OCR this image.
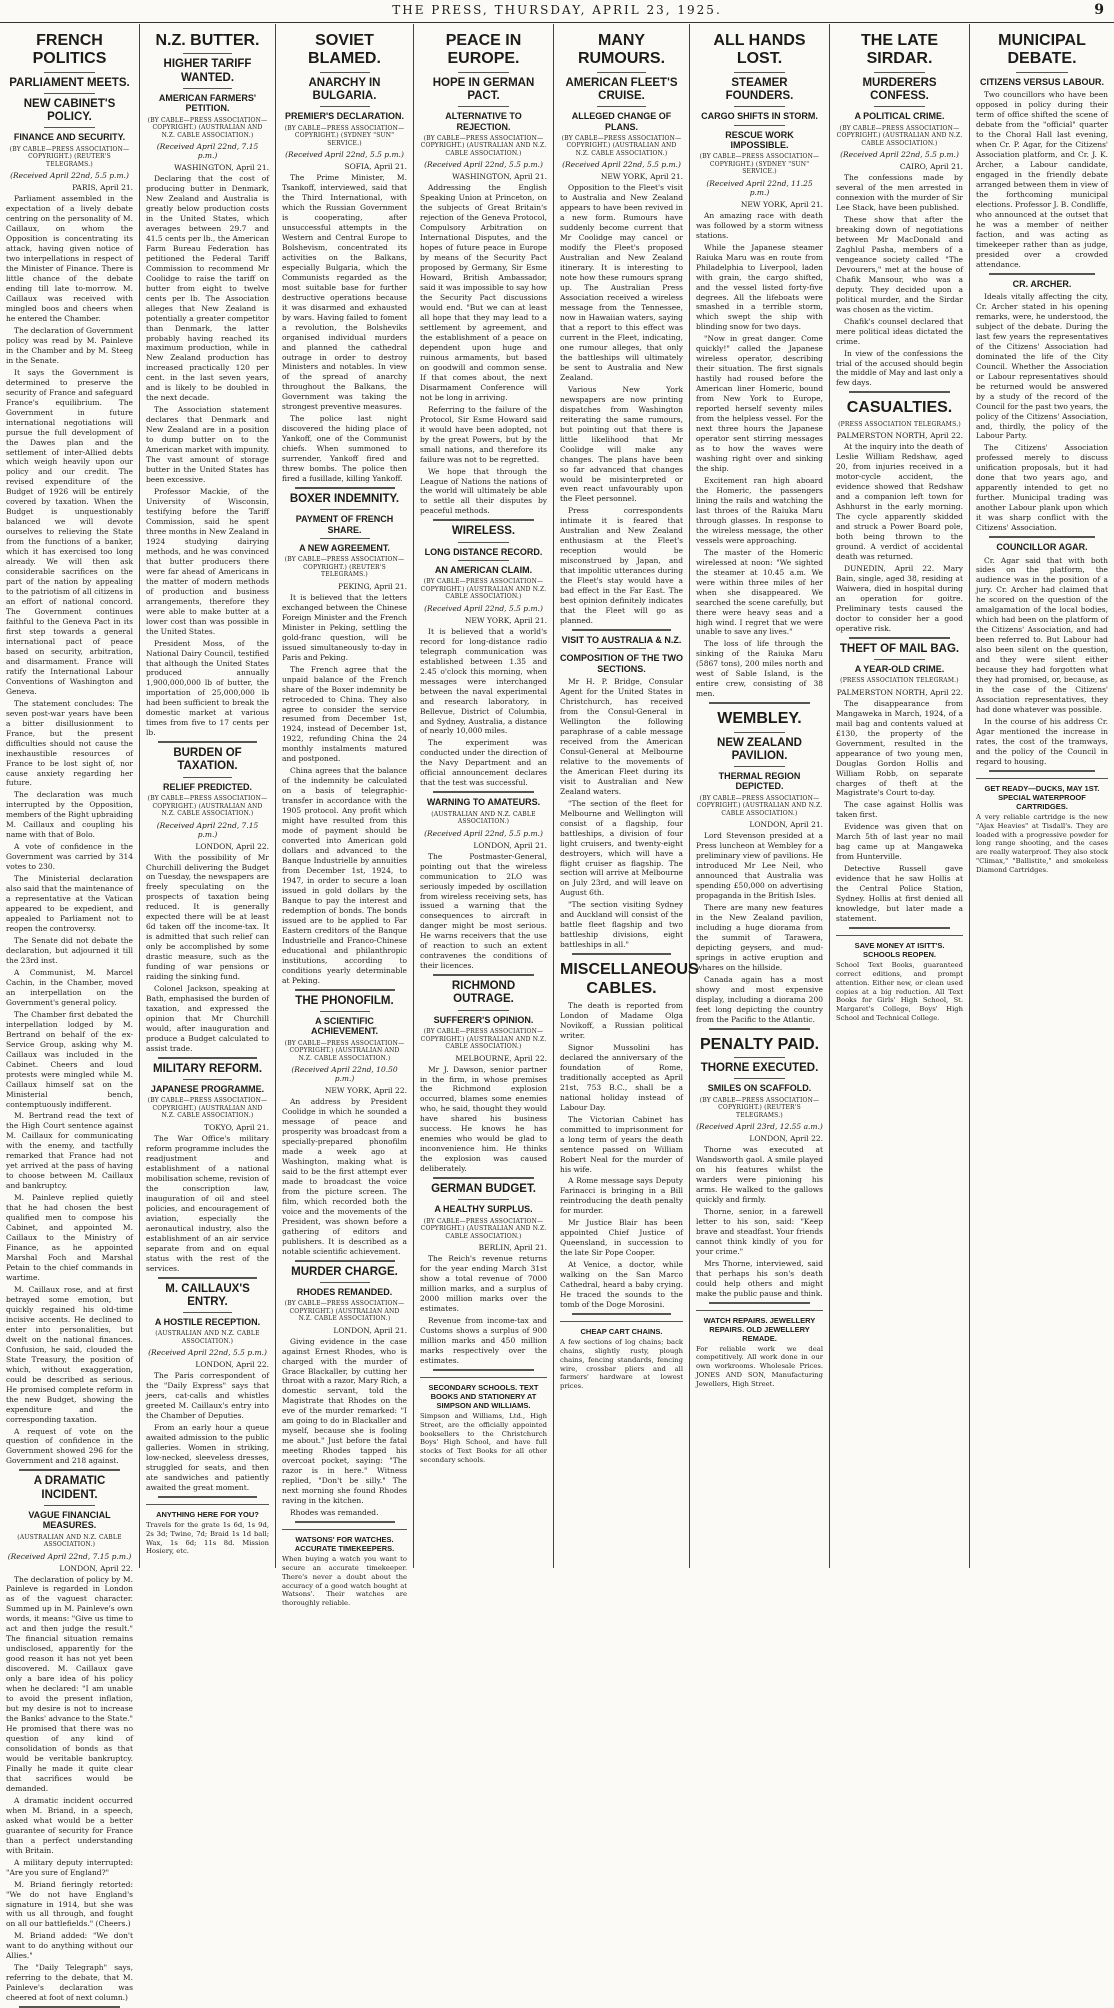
THE PRESS, THURSDAY, APRIL 23, 1925.	9
FRENCH POLITICS
PARLIAMENT MEETS.
NEW CABINET'S POLICY.
FINANCE AND SECURITY.
(BY CABLE—PRESS ASSOCIATION—COPYRIGHT.) (REUTER'S TELEGRAMS.)
(Received April 22nd, 5.5 p.m.)
PARIS, April 21.

Parliament assembled in the expectation of a lively debate centring on the personality of M. Caillaux, on whom the Opposition is concentrating its attack, having given notice of two interpellations in respect of the Minister of Finance. There is little chance of the debate ending till late to-morrow. M. Caillaux was received with mingled boos and cheers when he entered the Chamber.

The declaration of Government policy was read by M. Painleve in the Chamber and by M. Steeg in the Senate.

It says the Government is determined to preserve the security of France and safeguard France's equilibrium. The Government in future international negotiations will pursue the full development of the Dawes plan and the settlement of inter-Allied debts which weigh heavily upon our policy and our credit. The revised expenditure of the Budget of 1926 will be entirely covered by taxation. When the Budget is unquestionably balanced we will devote ourselves to relieving the State from the functions of a banker, which it has exercised too long already. We will then ask considerable sacrifices on the part of the nation by appealing to the patriotism of all citizens in an effort of national concord. The Government continues faithful to the Geneva Pact in its first step towards a general international pact of peace based on security, arbitration, and disarmament. France will ratify the International Labour Conventions of Washington and Geneva.

The statement concludes: The seven post-war years have been a bitter disillusionment to France, but the present difficulties should not cause the inexhaustible resources of France to be lost sight of, nor cause anxiety regarding her future.

The declaration was much interrupted by the Opposition, members of the Right upbraiding M. Caillaux and coupling his name with that of Bolo.

A vote of confidence in the Government was carried by 314 votes to 230.

The Ministerial declaration also said that the maintenance of a representative at the Vatican appeared to be expedient, and appealed to Parliament not to reopen the controversy.

The Senate did not debate the declaration, but adjourned it till the 23rd inst.

A Communist, M. Marcel Cachin, in the Chamber, moved an interpellation on the Government's general policy.

The Chamber first debated the interpellation lodged by M. Bertrand on behalf of the ex-Service Group, asking why M. Caillaux was included in the Cabinet. Cheers and loud protests were mingled while M. Caillaux himself sat on the Ministerial bench, contemptuously indifferent.

M. Bertrand read the text of the High Court sentence against M. Caillaux for communicating with the enemy, and tactfully remarked that France had not yet arrived at the pass of having to choose between M. Caillaux and bankruptcy.

M. Painleve replied quietly that he had chosen the best qualified men to compose his Cabinet, and appointed M. Caillaux to the Ministry of Finance, as he appointed Marshal Foch and Marshal Petain to the chief commands in wartime.

M. Caillaux rose, and at first betrayed some emotion, but quickly regained his old-time incisive accents. He declined to enter into personalities, but dwelt on the national finances. Confusion, he said, clouded the State Treasury, the position of which, without exaggeration, could be described as serious. He promised complete reform in the new Budget, showing the expenditure and the corresponding taxation.

A request of vote on the question of confidence in the Government showed 296 for the Government and 218 against.

A DRAMATIC INCIDENT.
VAGUE FINANCIAL MEASURES.
(AUSTRALIAN AND N.Z. CABLE ASSOCIATION.)
(Received April 22nd, 7.15 p.m.)
LONDON, April 22.

The declaration of policy by M. Painleve is regarded in London as of the vaguest character. Summed up in M. Painleve's own words, it means: "Give us time to act and then judge the result." The financial situation remains undisclosed, apparently for the good reason it has not yet been discovered. M. Caillaux gave only a bare idea of his policy when he declared: "I am unable to avoid the present inflation, but my desire is not to increase the Banks' advance to the State." He promised that there was no question of any kind of consolidation of bonds as that would be veritable bankruptcy. Finally he made it quite clear that sacrifices would be demanded.

A dramatic incident occurred when M. Briand, in a speech, asked what would be a better guarantee of security for France than a perfect understanding with Britain.

A military deputy interrupted: "Are you sure of England?"

M. Briand fieringly retorted: "We do not have England's signature in 1914, but she was with us all through, and fought on all our battlefields." (Cheers.)

M. Briand added: "We don't want to do anything without our Allies."

The "Daily Telegraph" says, referring to the debate, that M. Painleve's declaration was cheered at foot of next column.)

N.Z. BUTTER.
HIGHER TARIFF WANTED.
AMERICAN FARMERS' PETITION.
(BY CABLE—PRESS ASSOCIATION—COPYRIGHT.) (AUSTRALIAN AND N.Z. CABLE ASSOCIATION.)
(Received April 22nd, 7.15 p.m.)
WASHINGTON, April 21.

Declaring that the cost of producing butter in Denmark, New Zealand and Australia is greatly below production costs in the United States, which averages between 29.7 and 41.5 cents per lb., the American Farm Bureau Federation has petitioned the Federal Tariff Commission to recommend Mr Coolidge to raise the tariff on butter from eight to twelve cents per lb. The Association alleges that New Zealand is potentially a greater competitor than Denmark, the latter probably having reached its maximum production, while in New Zealand production has increased practically 120 per cent. in the last seven years, and is likely to be doubled in the next decade.

The Association statement declares that Denmark and New Zealand are in a position to dump butter on to the American market with impunity. The vast amount of storage butter in the United States has been excessive.

Professor Mackie, of the University of Wisconsin, testifying before the Tariff Commission, said he spent three months in New Zealand in 1924 studying dairying methods, and he was convinced that butter producers there were far ahead of Americans in the matter of modern methods of production and business arrangements, therefore they were able to make butter at a lower cost than was possible in the United States.

President Moss, of the National Dairy Council, testified that although the United States produced annually 1,900,000,000 lb of butter, the importation of 25,000,000 lb had been sufficient to break the domestic market at various times from five to 17 cents per lb.

BURDEN OF TAXATION.
RELIEF PREDICTED.
(BY CABLE—PRESS ASSOCIATION—COPYRIGHT.) (AUSTRALIAN AND N.Z. CABLE ASSOCIATION.)
(Received April 22nd, 7.15 p.m.)
LONDON, April 22.

With the possibility of Mr Churchill delivering the Budget on Tuesday, the newspapers are freely speculating on the prospects of taxation being reduced. It is generally expected there will be at least 6d taken off the income-tax. It is admitted that such relief can only be accomplished by some drastic measure, such as the funding of war pensions or raiding the sinking fund.

Colonel Jackson, speaking at Bath, emphasised the burden of taxation, and expressed the opinion that Mr Churchill would, after inauguration and produce a Budget calculated to assist trade.

MILITARY REFORM.
JAPANESE PROGRAMME.
(BY CABLE—PRESS ASSOCIATION—COPYRIGHT.) (AUSTRALIAN AND N.Z. CABLE ASSOCIATION.)
TOKYO, April 21.

The War Office's military reform programme includes the readjustment and establishment of a national mobilisation scheme, revision of the conscription law, inauguration of oil and steel policies, and encouragement of aviation, especially the aeronautical industry, also the establishment of an air service separate from and on equal status with the rest of the services.

M. CAILLAUX'S ENTRY.
A HOSTILE RECEPTION.
(AUSTRALIAN AND N.Z. CABLE ASSOCIATION.)
(Received April 22nd, 5.5 p.m.)
LONDON, April 22.

The Paris correspondent of the "Daily Express" says that jeers, cat-calls and whistles greeted M. Caillaux's entry into the Chamber of Deputies.

From an early hour a queue awaited admission to the public galleries. Women in striking, low-necked, sleeveless dresses, struggled for seats, and then ate sandwiches and patiently awaited the great moment.

ANYTHING HERE FOR YOU?
Travels for the grate 1s 6d, 1s 9d, 2s 3d; Twine, 7d; Braid 1s 1d ball; Wax, 1s 6d; 11s 8d. Mission Hosiery, etc.
SOVIET BLAMED.
ANARCHY IN BULGARIA.
PREMIER'S DECLARATION.
(BY CABLE—PRESS ASSOCIATION—COPYRIGHT.) (SYDNEY "SUN" SERVICE.)
(Received April 22nd, 5.5 p.m.)
SOFIA, April 21.

The Prime Minister, M. Tsankoff, interviewed, said that the Third International, with which the Russian Government is cooperating, after unsuccessful attempts in the Western and Central Europe to Bolshevism, concentrated its activities on the Balkans, especially Bulgaria, which the Communists regarded as the most suitable base for further destructive operations because it was disarmed and exhausted by wars. Having failed to foment a revolution, the Bolsheviks organised individual murders and planned the cathedral outrage in order to destroy Ministers and notables. In view of the spread of anarchy throughout the Balkans, the Government was taking the strongest preventive measures.

The police last night discovered the hiding place of Yankoff, one of the Communist chiefs. When summoned to surrender, Yankoff fired and threw bombs. The police then fired a fusillade, killing Yankoff.

BOXER INDEMNITY.
PAYMENT OF FRENCH SHARE.
A NEW AGREEMENT.
(BY CABLE—PRESS ASSOCIATION—COPYRIGHT.) (REUTER'S TELEGRAMS.)
PEKING, April 21.

It is believed that the letters exchanged between the Chinese Foreign Minister and the French Minister in Peking, settling the gold-franc question, will be issued simultaneously to-day in Paris and Peking.

The French agree that the unpaid balance of the French share of the Boxer indemnity be retroceded to China. They also agree to consider the service resumed from December 1st, 1924, instead of December 1st, 1922, refunding China the 24 monthly instalments matured and postponed.

China agrees that the balance of the indemnity be calculated on a basis of telegraphic-transfer in accordance with the 1905 protocol. Any profit which might have resulted from this mode of payment should be converted into American gold dollars and advanced to the Banque Industrielle by annuities from December 1st, 1924, to 1947, in order to secure a loan issued in gold dollars by the Banque to pay the interest and redemption of bonds. The bonds issued are to be applied to Far Eastern creditors of the Banque Industrielle and Franco-Chinese educational and philanthropic institutions, according to conditions yearly determinable at Peking.

THE PHONOFILM.
A SCIENTIFIC ACHIEVEMENT.
(BY CABLE—PRESS ASSOCIATION—COPYRIGHT.) (AUSTRALIAN AND N.Z. CABLE ASSOCIATION.)
(Received April 22nd, 10.50 p.m.)
NEW YORK, April 22.

An address by President Coolidge in which he sounded a message of peace and prosperity was broadcast from a specially-prepared phonofilm made a week ago at Washington, making what is said to be the first attempt ever made to broadcast the voice from the picture screen. The film, which recorded both the voice and the movements of the President, was shown before a gathering of editors and publishers. It is described as a notable scientific achievement.

MURDER CHARGE.
RHODES REMANDED.
(BY CABLE—PRESS ASSOCIATION—COPYRIGHT.) (AUSTRALIAN AND N.Z. CABLE ASSOCIATION.)
LONDON, April 21.

Giving evidence in the case against Ernest Rhodes, who is charged with the murder of Grace Blackaller, by cutting her throat with a razor, Mary Rich, a domestic servant, told the Magistrate that Rhodes on the eve of the murder remarked: "I am going to do in Blackaller and myself, because she is fooling me about." Just before the fatal meeting Rhodes tapped his overcoat pocket, saying: "The razor is in here." Witness replied, "Don't be silly." The next morning she found Rhodes raving in the kitchen.

Rhodes was remanded.

WATSONS' FOR WATCHES. ACCURATE TIMEKEEPERS.
When buying a watch you want to secure an accurate timekeeper. There's never a doubt about the accuracy of a good watch bought at Watsons'. Their watches are thoroughly reliable.
PEACE IN EUROPE.
HOPE IN GERMAN PACT.
ALTERNATIVE TO REJECTION.
(BY CABLE—PRESS ASSOCIATION—COPYRIGHT.) (AUSTRALIAN AND N.Z. CABLE ASSOCIATION.)
(Received April 22nd, 5.5 p.m.)
WASHINGTON, April 21.

Addressing the English Speaking Union at Princeton, on the subjects of Great Britain's rejection of the Geneva Protocol, Compulsory Arbitration on International Disputes, and the hopes of future peace in Europe by means of the Security Pact proposed by Germany, Sir Esme Howard, British Ambassador, said it was impossible to say how the Security Pact discussions would end. "But we can at least all hope that they may lead to a settlement by agreement, and the establishment of a peace on dependent upon huge and ruinous armaments, but based on goodwill and common sense. If that comes about, the next Disarmament Conference will not be long in arriving.

Referring to the failure of the Protocol, Sir Esme Howard said it would have been adopted, not by the great Powers, but by the small nations, and therefore its failure was not to be regretted.

We hope that through the League of Nations the nations of the world will ultimately be able to settle all their disputes by peaceful methods.

WIRELESS.
LONG DISTANCE RECORD.
AN AMERICAN CLAIM.
(BY CABLE—PRESS ASSOCIATION—COPYRIGHT.) (AUSTRALIAN AND N.Z. CABLE ASSOCIATION.)
(Received April 22nd, 5.5 p.m.)
NEW YORK, April 21.

It is believed that a world's record for long-distance radio telegraph communication was established between 1.35 and 2.45 o'clock this morning, when messages were interchanged between the naval experimental and research laboratory, in Bellevue, District of Columbia, and Sydney, Australia, a distance of nearly 10,000 miles.

The experiment was conducted under the direction of the Navy Department and an official announcement declares that the test was successful.

WARNING TO AMATEURS.
(AUSTRALIAN AND N.Z. CABLE ASSOCIATION.)
(Received April 22nd, 5.5 p.m.)
LONDON, April 21.

The Postmaster-General, pointing out that the wireless communication to 2LO was seriously impeded by oscillation from wireless receiving sets, has issued a warning that the consequences to aircraft in danger might be most serious. He warns receivers that the use of reaction to such an extent contravenes the conditions of their licences.

RICHMOND OUTRAGE.
SUFFERER'S OPINION.
(BY CABLE—PRESS ASSOCIATION—COPYRIGHT.) (AUSTRALIAN AND N.Z. CABLE ASSOCIATION.)
MELBOURNE, April 22.

Mr J. Dawson, senior partner in the firm, in whose premises the Richmond explosion occurred, blames some enemies who, he said, thought they would have shared his business success. He knows he has enemies who would be glad to inconvenience him. He thinks the explosion was caused deliberately.

GERMAN BUDGET.
A HEALTHY SURPLUS.
(BY CABLE—PRESS ASSOCIATION—COPYRIGHT.) (AUSTRALIAN AND N.Z. CABLE ASSOCIATION.)
BERLIN, April 21.

The Reich's revenue returns for the year ending March 31st show a total revenue of 7000 million marks, and a surplus of 2000 million marks over the estimates.

Revenue from income-tax and Customs shows a surplus of 900 million marks and 450 million marks respectively over the estimates.

SECONDARY SCHOOLS. TEXT BOOKS AND STATIONERY AT SIMPSON AND WILLIAMS.
Simpson and Williams, Ltd., High Street, are the officially appointed booksellers to the Christchurch Boys' High School, and have full stocks of Text Books for all other secondary schools.
MANY RUMOURS.
AMERICAN FLEET'S CRUISE.
ALLEGED CHANGE OF PLANS.
(BY CABLE—PRESS ASSOCIATION—COPYRIGHT.) (AUSTRALIAN AND N.Z. CABLE ASSOCIATION.)
(Received April 22nd, 5.5 p.m.)
NEW YORK, April 21.

Opposition to the Fleet's visit to Australia and New Zealand appears to have been revived in a new form. Rumours have suddenly become current that Mr Coolidge may cancel or modify the Fleet's proposed Australian and New Zealand itinerary. It is interesting to note how these rumours sprang up. The Australian Press Association received a wireless message from the Tennessee, now in Hawaiian waters, saying that a report to this effect was current in the Fleet, indicating, one rumour alleges, that only the battleships will ultimately be sent to Australia and New Zealand.

Various New York newspapers are now printing dispatches from Washington reiterating the same rumours, but pointing out that there is little likelihood that Mr Coolidge will make any changes. The plans have been so far advanced that changes would be misinterpreted or even react unfavourably upon the Fleet personnel.

Press correspondents intimate it is feared that Australian and New Zealand enthusiasm at the Fleet's reception would be misconstrued by Japan, and that impolitic utterances during the Fleet's stay would have a bad effect in the Far East. The best opinion definitely indicates that the Fleet will go as planned.

VISIT TO AUSTRALIA & N.Z.
COMPOSITION OF THE TWO SECTIONS.

Mr H. P. Bridge, Consular Agent for the United States in Christchurch, has received from the Consul-General in Wellington the following paraphrase of a cable message received from the American Consul-General at Melbourne relative to the movements of the American Fleet during its visit to Australian and New Zealand waters.

"The section of the fleet for Melbourne and Wellington will consist of a flagship, four battleships, a division of four light cruisers, and twenty-eight destroyers, which will have a flight cruiser as flagship. The section will arrive at Melbourne on July 23rd, and will leave on August 6th.

"The section visiting Sydney and Auckland will consist of the battle fleet flagship and two battleship divisions, eight battleships in all."

MISCELLANEOUS CABLES.

The death is reported from London of Madame Olga Novikoff, a Russian political writer.

Signor Mussolini has declared the anniversary of the foundation of Rome, traditionally accepted as April 21st, 753 B.C., shall be a national holiday instead of Labour Day.

The Victorian Cabinet has committed to imprisonment for a long term of years the death sentence passed on William Robert Neal for the murder of his wife.

A Rome message says Deputy Farinacci is bringing in a Bill reintroducing the death penalty for murder.

Mr Justice Blair has been appointed Chief Justice of Queensland, in succession to the late Sir Pope Cooper.

At Venice, a doctor, while walking on the San Marco Cathedral, heard a baby crying. He traced the sounds to the tomb of the Doge Morosini.

CHEAP CART CHAINS.
A few sections of log chains; back chains, slightly rusty, plough chains, fencing standards, fencing wire, crossbar pliers and all farmers' hardware at lowest prices.
ALL HANDS LOST.
STEAMER FOUNDERS.
CARGO SHIFTS IN STORM.
RESCUE WORK IMPOSSIBLE.
(BY CABLE—PRESS ASSOCIATION—COPYRIGHT.) (SYDNEY "SUN" SERVICE.)
(Received April 22nd, 11.25 p.m.)
NEW YORK, April 21.

An amazing race with death was followed by a storm witness stations.

While the Japanese steamer Raiuka Maru was en route from Philadelphia to Liverpool, laden with grain, the cargo shifted, and the vessel listed forty-five degrees. All the lifeboats were smashed in a terrible storm, which swept the ship with blinding snow for two days.

"Now in great danger. Come quickly!" called the Japanese wireless operator, describing their situation. The first signals hastily had roused before the American liner Homeric, bound from New York to Europe, reported herself seventy miles from the helpless vessel. For the next three hours the Japanese operator sent stirring messages as to how the waves were washing right over and sinking the ship.

Excitement ran high aboard the Homeric, the passengers lining the rails and watching the last throes of the Raiuka Maru through glasses. In response to the wireless message, the other vessels were approaching.

The master of the Homeric wirelessed at noon: "We sighted the steamer at 10.45 a.m. We were within three miles of her when she disappeared. We searched the scene carefully, but there were heavy seas and a high wind. I regret that we were unable to save any lives."

The loss of life through the sinking of the Raiuka Maru (5867 tons), 200 miles north and west of Sable Island, is the entire crew, consisting of 38 men.

WEMBLEY.
NEW ZEALAND PAVILION.
THERMAL REGION DEPICTED.
(BY CABLE—PRESS ASSOCIATION—COPYRIGHT.) (AUSTRALIAN AND N.Z. CABLE ASSOCIATION.)
LONDON, April 21.

Lord Stevenson presided at a Press luncheon at Wembley for a preliminary view of pavilions. He introduced Mr Lee Neil, who announced that Australia was spending £50,000 on advertising propaganda in the British Isles.

There are many new features in the New Zealand pavilion, including a huge diorama from the summit of Tarawera, depicting geysers, and mud-springs in active eruption and whares on the hillside.

Canada again has a most showy and most expensive display, including a diorama 200 feet long depicting the country from the Pacific to the Atlantic.

PENALTY PAID.
THORNE EXECUTED.
SMILES ON SCAFFOLD.
(BY CABLE—PRESS ASSOCIATION—COPYRIGHT.) (REUTER'S TELEGRAMS.)
(Received April 23rd, 12.55 a.m.)
LONDON, April 22.

Thorne was executed at Wandsworth gaol. A smile played on his features whilst the warders were pinioning his arms. He walked to the gallows quickly and firmly.

Thorne, senior, in a farewell letter to his son, said: "Keep brave and steadfast. Your friends cannot think kindly of you for your crime."

Mrs Thorne, interviewed, said that perhaps his son's death could help others and might make the public pause and think.

WATCH REPAIRS. JEWELLERY REPAIRS. OLD JEWELLERY REMADE.
For reliable work we deal competitively. All work done in our own workrooms. Wholesale Prices. JONES AND SON, Manufacturing Jewellers, High Street.
THE LATE SIRDAR.
MURDERERS CONFESS.
A POLITICAL CRIME.
(BY CABLE—PRESS ASSOCIATION—COPYRIGHT.) (AUSTRALIAN AND N.Z. CABLE ASSOCIATION.)
(Received April 22nd, 5.5 p.m.)
CAIRO, April 21.

The confessions made by several of the men arrested in connexion with the murder of Sir Lee Stack, have been published.

These show that after the breaking down of negotiations between Mr MacDonald and Zaghlul Pasha, members of a vengeance society called "The Devourers," met at the house of Chafik Mansour, who was a deputy. They decided upon a political murder, and the Sirdar was chosen as the victim.

Chafik's counsel declared that mere political ideas dictated the crime.

In view of the confessions the trial of the accused should begin the middle of May and last only a few days.

CASUALTIES.
(PRESS ASSOCIATION TELEGRAMS.)
PALMERSTON NORTH, April 22.

At the inquiry into the death of Leslie William Redshaw, aged 20, from injuries received in a motor-cycle accident, the evidence showed that Redshaw and a companion left town for Ashhurst in the early morning. The cycle apparently skidded and struck a Power Board pole, both being thrown to the ground. A verdict of accidental death was returned.

DUNEDIN, April 22. Mary Bain, single, aged 38, residing at Waiwera, died in hospital during an operation for goitre. Preliminary tests caused the doctor to consider her a good operative risk.

THEFT OF MAIL BAG.
A YEAR-OLD CRIME.
(PRESS ASSOCIATION TELEGRAM.)
PALMERSTON NORTH, April 22.

The disappearance from Mangaweka in March, 1924, of a mail bag and contents valued at £130, the property of the Government, resulted in the appearance of two young men, Douglas Gordon Hollis and William Robb, on separate charges of theft at the Magistrate's Court to-day.

The case against Hollis was taken first.

Evidence was given that on March 5th of last year no mail bag came up at Mangaweka from Hunterville.

Detective Russell gave evidence that he saw Hollis at the Central Police Station, Sydney. Hollis at first denied all knowledge, but later made a statement.

SAVE MONEY AT ISITT'S. SCHOOLS REOPEN.
School Text Books, guaranteed correct editions, and prompt attention. Either new, or clean used copies at a big reduction. All Text Books for Girls' High School, St. Margaret's College, Boys' High School and Technical College.
MUNICIPAL DEBATE.
CITIZENS VERSUS LABOUR.

Two councillors who have been opposed in policy during their term of office shifted the scene of debate from the "official" quarter to the Choral Hall last evening, when Cr. P. Agar, for the Citizens' Association platform, and Cr. J. K. Archer, a Labour candidate, engaged in the friendly debate arranged between them in view of the forthcoming municipal elections. Professor J. B. Condliffe, who announced at the outset that he was a member of neither faction, and was acting as timekeeper rather than as judge, presided over a crowded attendance.

CR. ARCHER.

Ideals vitally affecting the city, Cr. Archer stated in his opening remarks, were, he understood, the subject of the debate. During the last few years the representatives of the Citizens' Association had dominated the life of the City Council. Whether the Association or Labour representatives should be returned would be answered by a study of the record of the Council for the past two years, the policy of the Citizens' Association, and, thirdly, the policy of the Labour Party.

The Citizens' Association professed merely to discuss unification proposals, but it had done that two years ago, and apparently intended to get no further. Municipal trading was another Labour plank upon which it was sharp conflict with the Citizens' Association.

COUNCILLOR AGAR.

Cr. Agar said that with both sides on the platform, the audience was in the position of a jury. Cr. Archer had claimed that he scored on the question of the amalgamation of the local bodies, which had been on the platform of the Citizens' Association, and had been referred to. But Labour had also been silent on the question, and they were silent either because they had forgotten what they had promised, or, because, as in the case of the Citizens' Association representatives, they had done whatever was possible.

In the course of his address Cr. Agar mentioned the increase in rates, the cost of the tramways, and the policy of the Council in regard to housing.

GET READY—DUCKS, MAY 1ST. SPECIAL WATERPROOF CARTRIDGES.
A very reliable cartridge is the new "Ajax Heavies" at Tisdall's. They are loaded with a progressive powder for long range shooting, and the cases are really waterproof. They also stock "Climax," "Ballistite," and smokeless Diamond Cartridges.
